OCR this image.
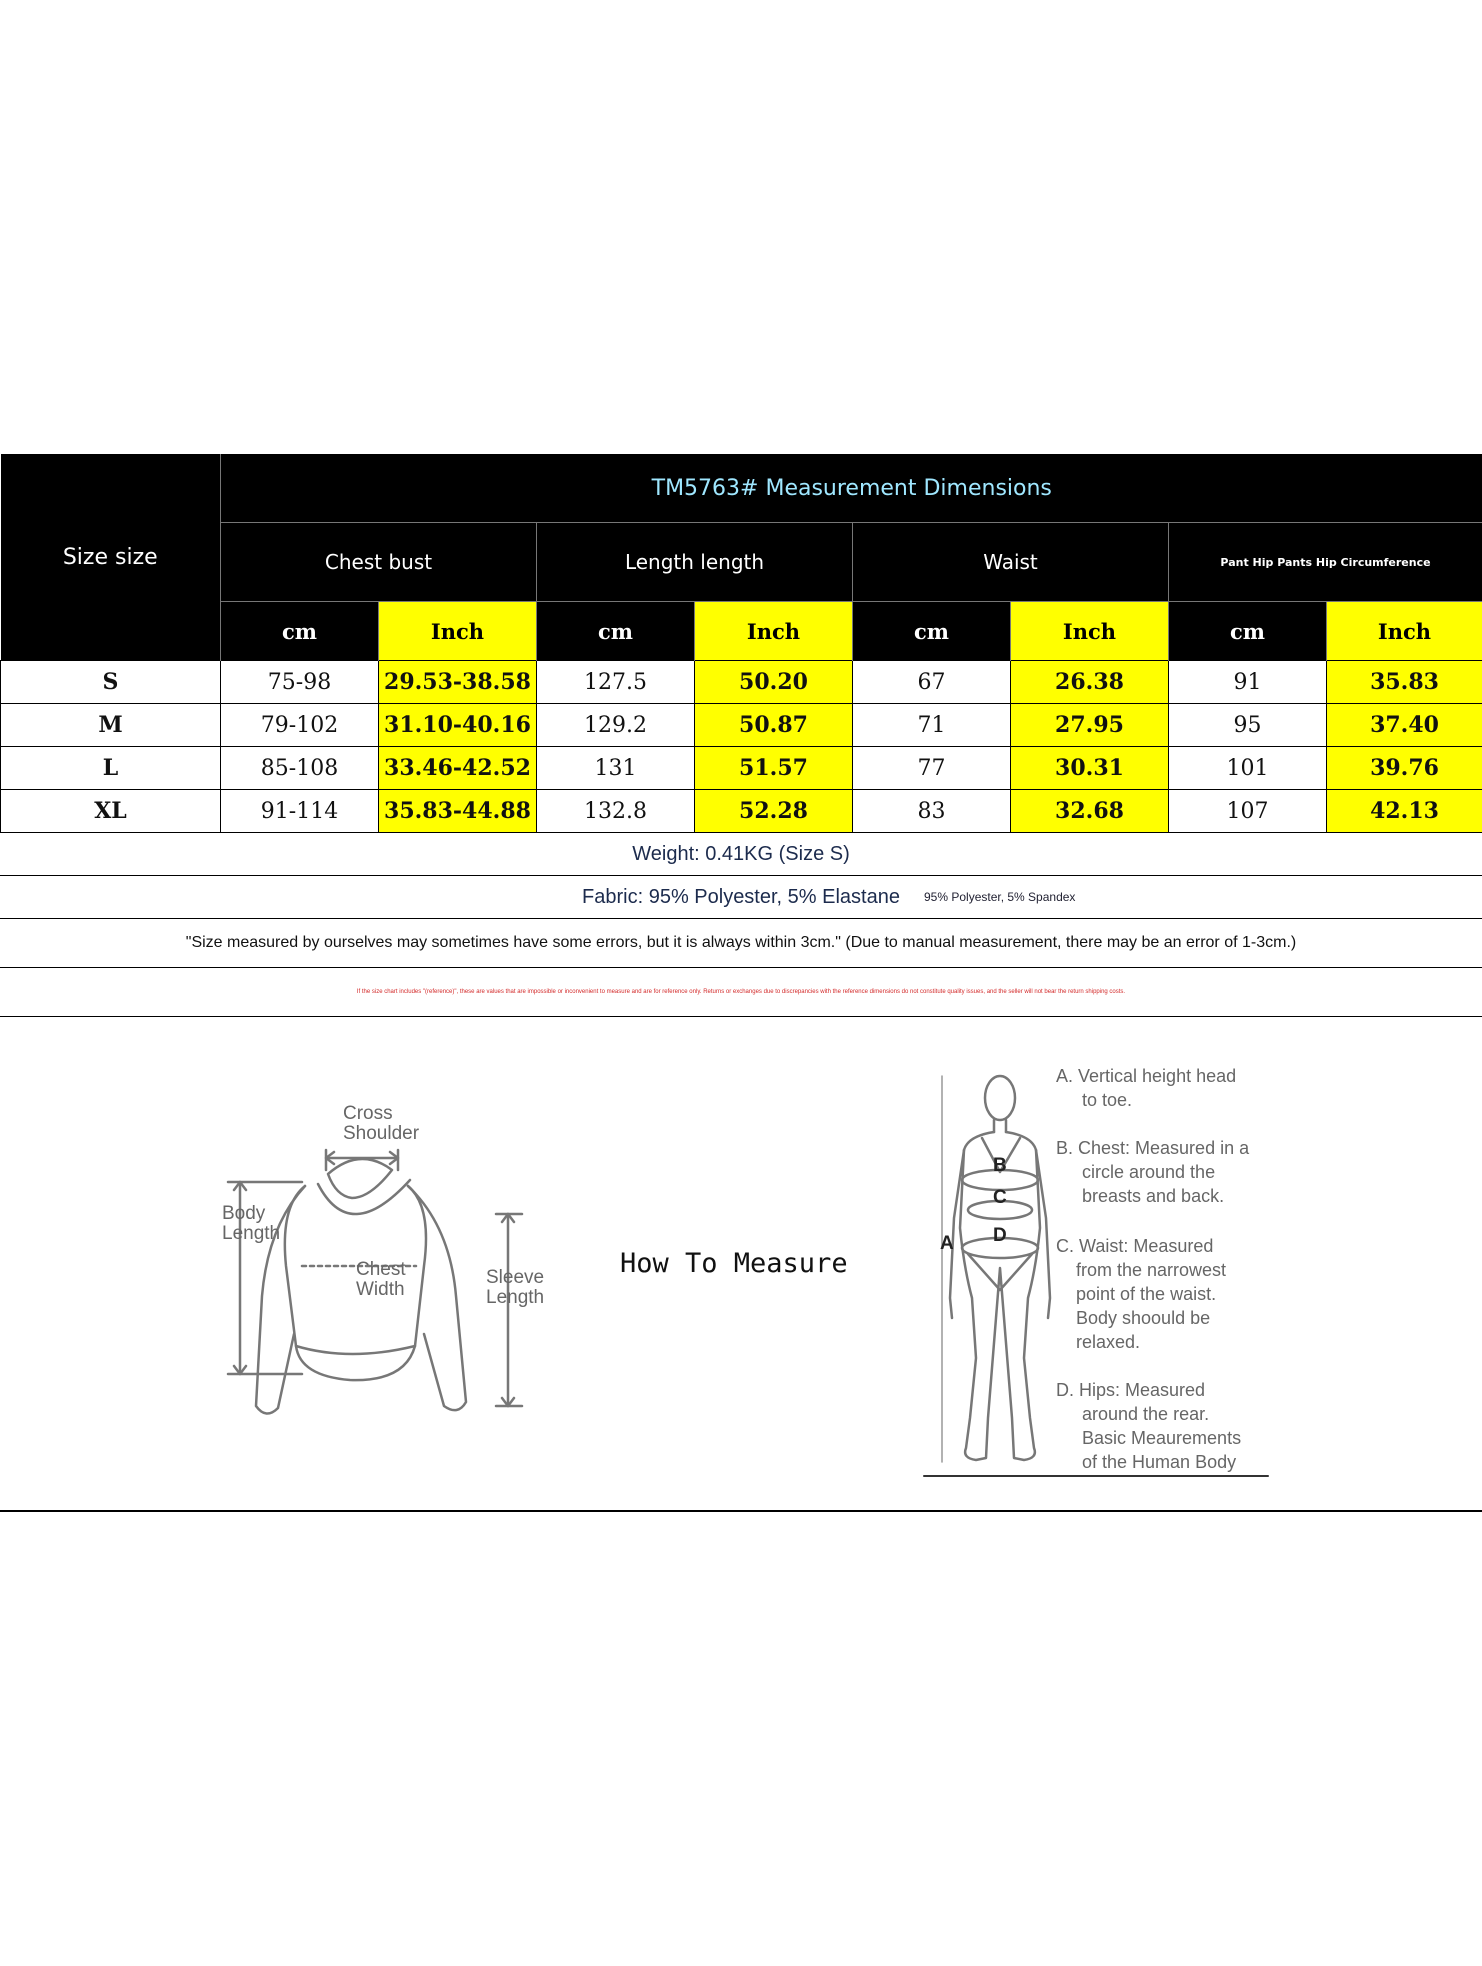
Size size	TM5763# Measurement Dimensions							
	Chest bust		Length length		Waist		Pant Hip Pants Hip Circumference	
	cm	Inch	cm	Inch	cm	Inch	cm	Inch
S	75-98	29.53-38.58	127.5	50.20	67	26.38	91	35.83
M	79-102	31.10-40.16	129.2	50.87	71	27.95	95	37.40
L	85-108	33.46-42.52	131	51.57	77	30.31	101	39.76
XL	91-114	35.83-44.88	132.8	52.28	83	32.68	107	42.13
Weight: 0.41KG (Size S)
Fabric: 95% Polyester, 5% Elastane 95% Polyester, 5% Spandex
"Size measured by ourselves may sometimes have some errors, but it is always within 3cm." (Due to manual measurement, there may be an error of 1-3cm.)
If the size chart includes "(reference)", these are values that are impossible or inconvenient to measure and are for reference only. Returns or exchanges due to discrepancies with the reference dimensions do not constitute quality issues, and the seller will not bear the return shipping costs.
Cross
Shoulder
Body
Length
Chest
Width
Sleeve
Length
How To Measure
A
B
C
D
A. Vertical height head
to toe.
B. Chest: Measured in a
circle around the
breasts and back.
C. Waist: Measured
from the narrowest
point of the waist.
Body shoould be
relaxed.
D. Hips: Measured
around the rear.
Basic Meaurements
of the Human Body
